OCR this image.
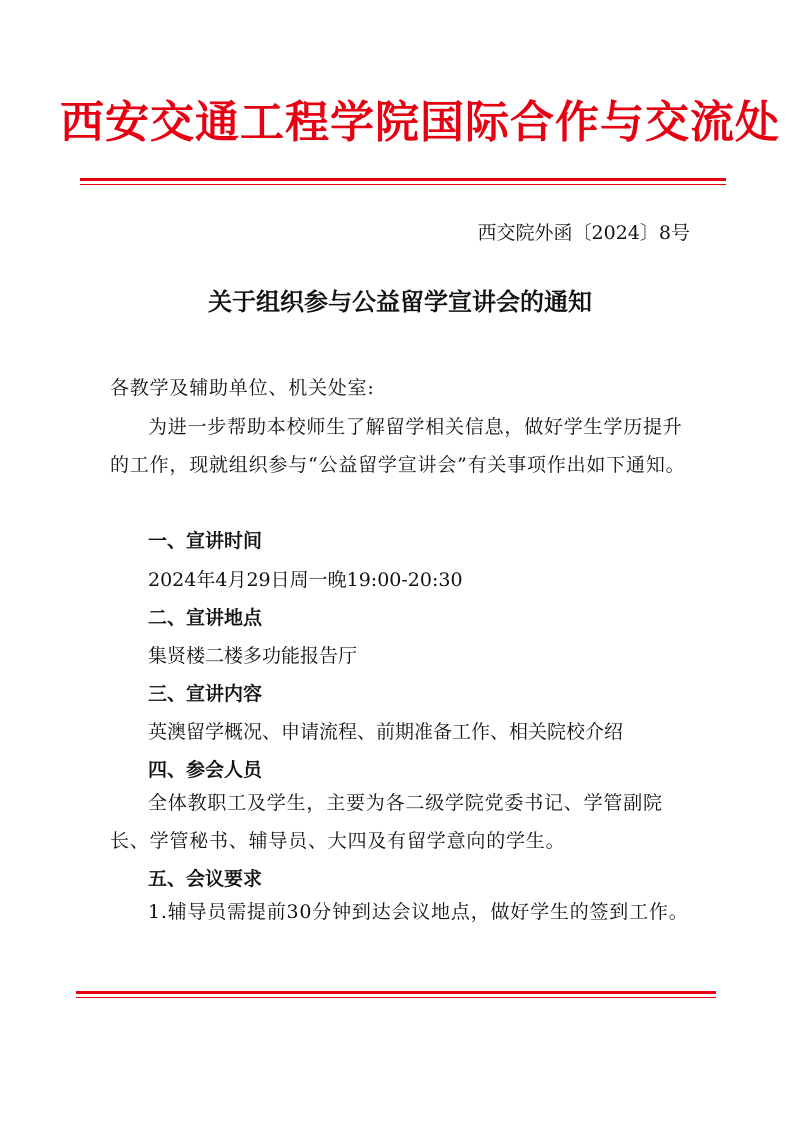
西安交通工程学院国际合作与交流处
西交院外函〔2024〕8号
关于组织参与公益留学宣讲会的通知
各教学及辅助单位、机关处室:
为进一步帮助本校师生了解留学相关信息，做好学生学历提升的工作，现就组织参与“公益留学宣讲会”有关事项作出如下通知。
一、宣讲时间
2024年4月29日周一晚19:00-20:30
二、宣讲地点
集贤楼二楼多功能报告厅
三、宣讲内容
英澳留学概况、申请流程、前期准备工作、相关院校介绍
四、参会人员
全体教职工及学生，主要为各二级学院党委书记、学管副院长、学管秘书、辅导员、大四及有留学意向的学生。
五、会议要求
1.辅导员需提前30分钟到达会议地点，做好学生的签到工作。
